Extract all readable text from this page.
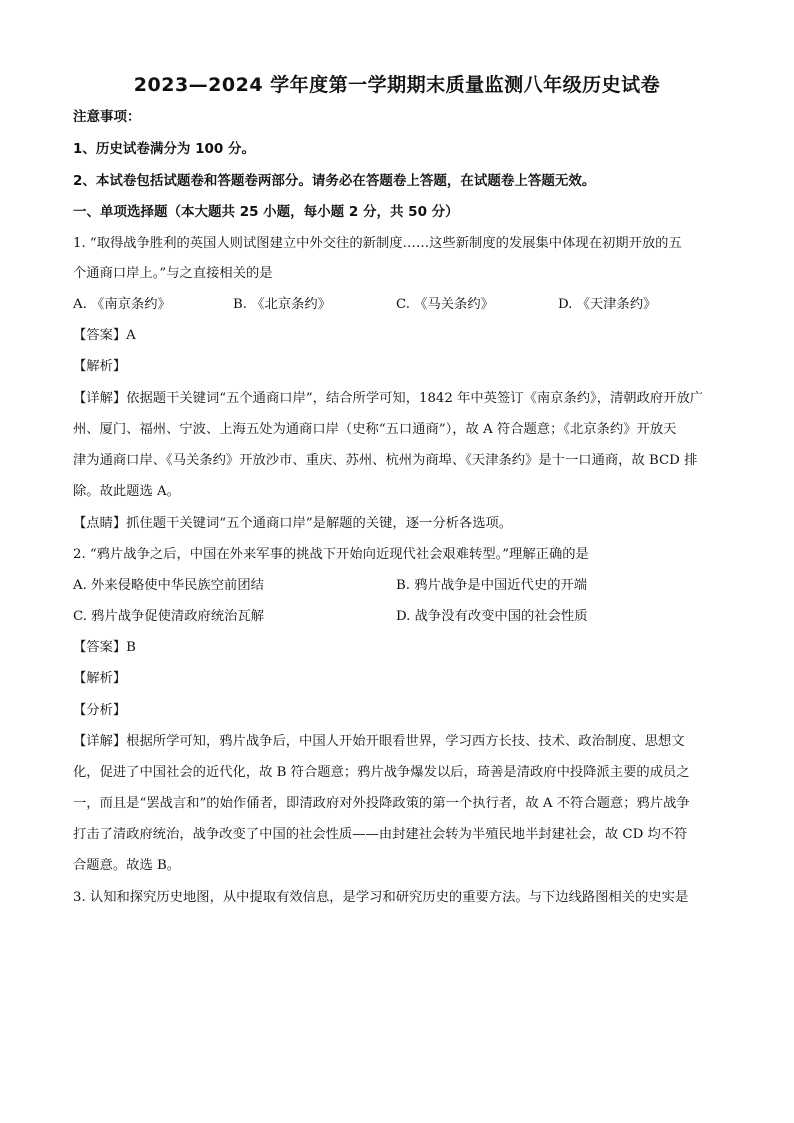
2023—2024 学年度第一学期期末质量监测八年级历史试卷
注意事项：
1、历史试卷满分为 100 分。
2、本试卷包括试题卷和答题卷两部分。请务必在答题卷上答题，在试题卷上答题无效。
一、单项选择题（本大题共 25 小题，每小题 2 分，共 50 分）
1. “取得战争胜利的英国人则试图建立中外交往的新制度……这些新制度的发展集中体现在初期开放的五
个通商口岸上。”与之直接相关的是
A. 《南京条约》	B. 《北京条约》	C. 《马关条约》	D. 《天津条约》
【答案】A
【解析】
【详解】依据题干关键词“五个通商口岸”，结合所学可知，1842 年中英签订《南京条约》，清朝政府开放广
州、厦门、福州、宁波、上海五处为通商口岸（史称“五口通商”），故 A 符合题意；《北京条约》开放天
津为通商口岸、《马关条约》开放沙市、重庆、苏州、杭州为商埠、《天津条约》是十一口通商，故 BCD 排
除。故此题选 A。
【点睛】抓住题干关键词“五个通商口岸”是解题的关键，逐一分析各选项。
2. “鸦片战争之后，中国在外来军事的挑战下开始向近现代社会艰难转型。”理解正确的是
A. 外来侵略使中华民族空前团结	B. 鸦片战争是中国近代史的开端
C. 鸦片战争促使清政府统治瓦解	D. 战争没有改变中国的社会性质
【答案】B
【解析】
【分析】
【详解】根据所学可知，鸦片战争后，中国人开始开眼看世界，学习西方长技、技术、政治制度、思想文
化，促进了中国社会的近代化，故 B 符合题意；鸦片战争爆发以后，琦善是清政府中投降派主要的成员之
一，而且是“罢战言和”的始作俑者，即清政府对外投降政策的第一个执行者，故 A 不符合题意；鸦片战争
打击了清政府统治，战争改变了中国的社会性质——由封建社会转为半殖民地半封建社会，故 CD 均不符
合题意。故选 B。
3. 认知和探究历史地图，从中提取有效信息，是学习和研究历史的重要方法。与下边线路图相关的史实是
